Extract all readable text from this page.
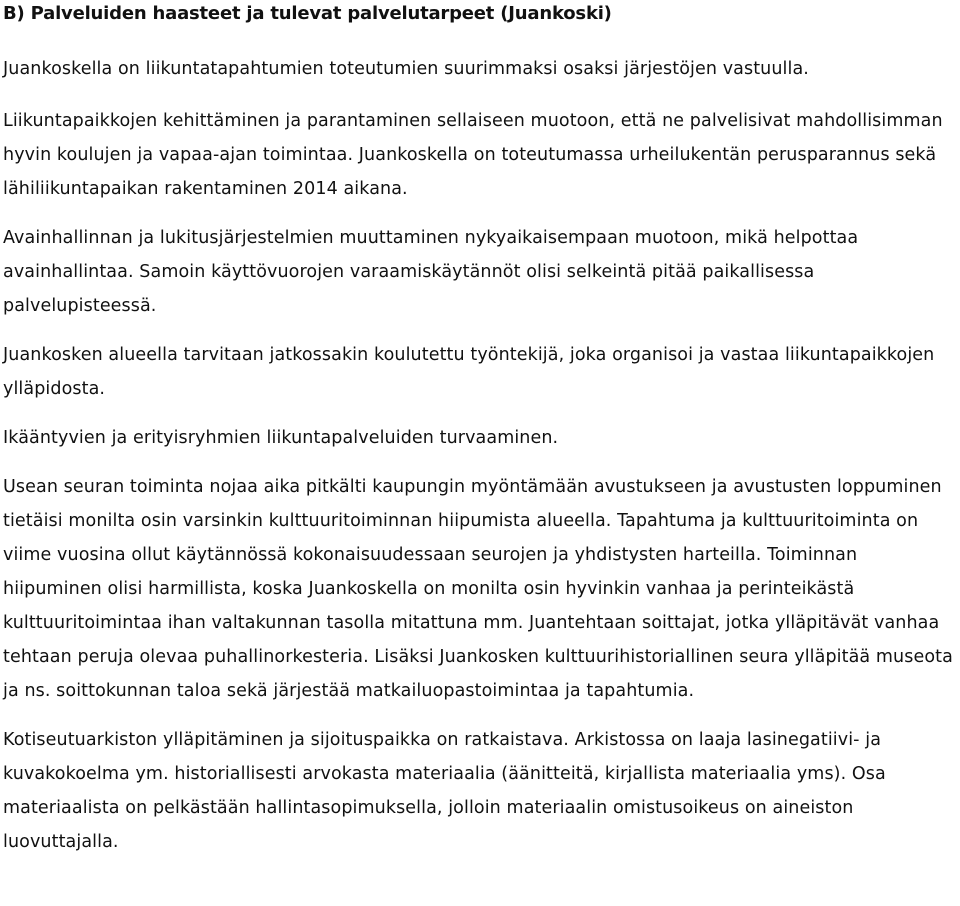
B) Palveluiden haasteet ja tulevat palvelutarpeet (Juankoski)

Juankoskella on liikuntatapahtumien toteutumien suurimmaksi osaksi järjestöjen vastuulla.

Liikuntapaikkojen kehittäminen ja parantaminen sellaiseen muotoon, että ne palvelisivat mahdollisimman hyvin koulujen ja vapaa-ajan toimintaa. Juankoskella on toteutumassa urheilukentän perusparannus sekä lähiliikuntapaikan rakentaminen 2014 aikana.

Avainhallinnan ja lukitusjärjestelmien muuttaminen nykyaikaisempaan muotoon, mikä helpottaa avainhallintaa. Samoin käyttövuorojen varaamiskäytännöt olisi selkeintä pitää paikallisessa palvelupisteessä.

Juankosken alueella tarvitaan jatkossakin koulutettu työntekijä, joka organisoi ja vastaa liikuntapaikkojen ylläpidosta.

Ikääntyvien ja erityisryhmien liikuntapalveluiden turvaaminen.

Usean seuran toiminta nojaa aika pitkälti kaupungin myöntämään avustukseen ja avustusten loppuminen tietäisi monilta osin varsinkin kulttuuritoiminnan hiipumista alueella. Tapahtuma ja kulttuuritoiminta on viime vuosina ollut käytännössä kokonaisuudessaan seurojen ja yhdistysten harteilla. Toiminnan hiipuminen olisi harmillista, koska Juankoskella on monilta osin hyvinkin vanhaa ja perinteikästä kulttuuritoimintaa ihan valtakunnan tasolla mitattuna mm. Juantehtaan soittajat, jotka ylläpitävät vanhaa tehtaan peruja olevaa puhallinorkesteria. Lisäksi Juankosken kulttuurihistoriallinen seura ylläpitää museota ja ns. soittokunnan taloa sekä järjestää matkailuopastoimintaa ja tapahtumia.

Kotiseutuarkiston ylläpitäminen ja sijoituspaikka on ratkaistava. Arkistossa on laaja lasinegatiivi- ja kuvakokoelma ym. historiallisesti arvokasta materiaalia (äänitteitä, kirjallista materiaalia yms). Osa materiaalista on pelkästään hallintasopimuksella, jolloin materiaalin omistusoikeus on aineiston luovuttajalla.
